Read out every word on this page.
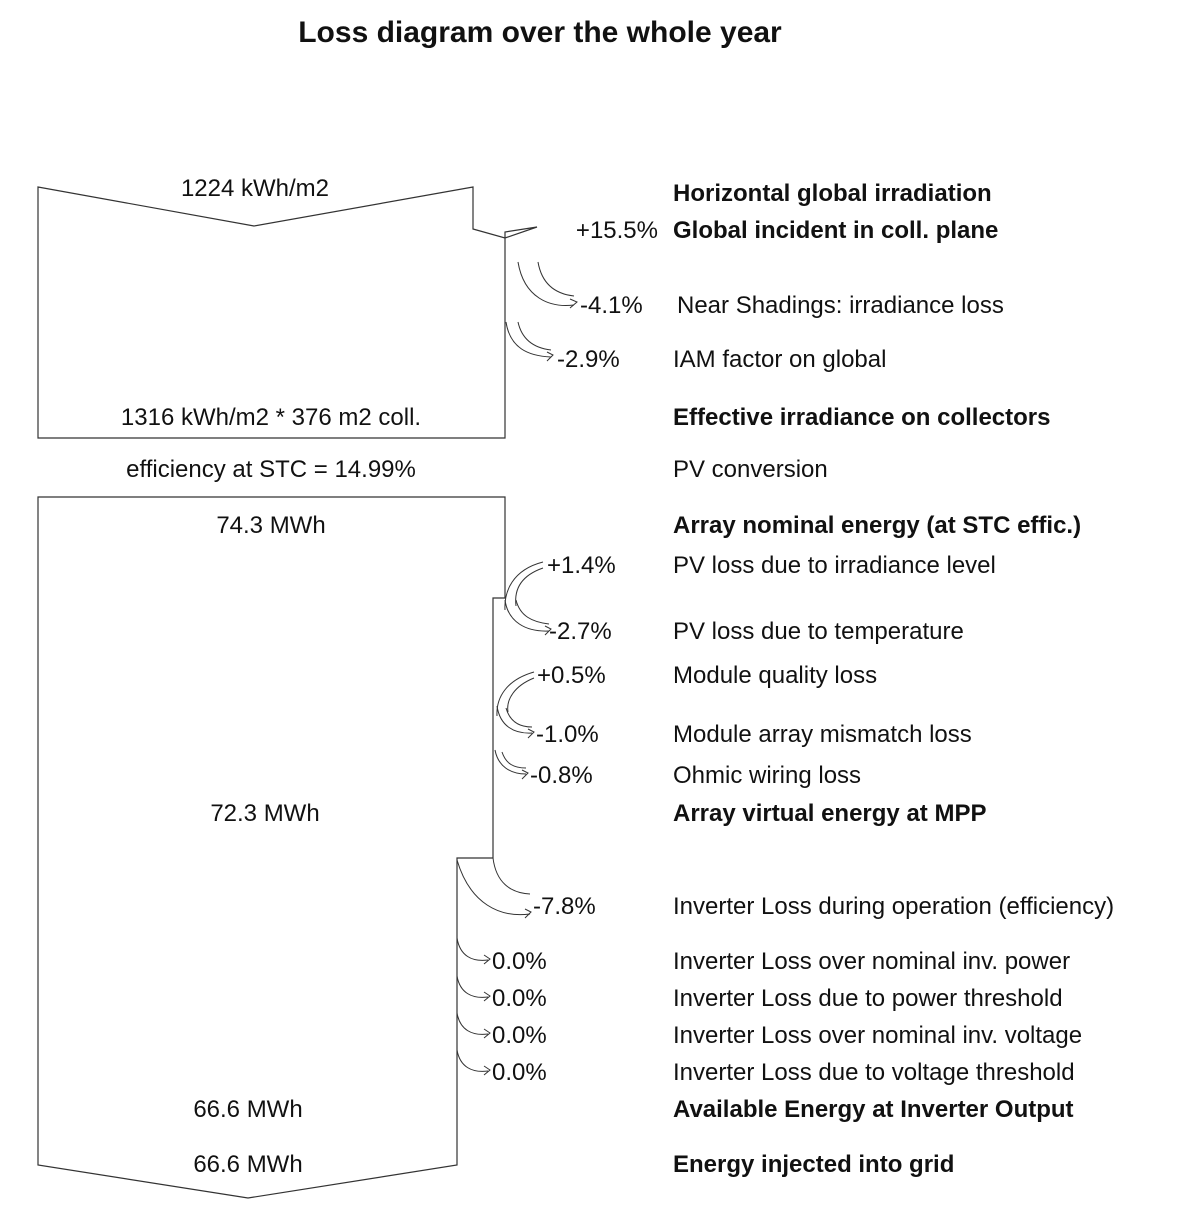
Loss diagram over the whole year
1224 kWh/m2
1316 kWh/m2 * 376 m2 coll.
efficiency at STC = 14.99%
74.3 MWh
72.3 MWh
66.6 MWh
66.6 MWh
+15.5%
-4.1%
-2.9%
+1.4%
-2.7%
+0.5%
-1.0%
-0.8%
-7.8%
0.0%
0.0%
0.0%
0.0%
Horizontal global irradiation
Global incident in coll. plane
Near Shadings: irradiance loss
IAM factor on global
Effective irradiance on collectors
PV conversion
Array nominal energy (at STC effic.)
PV loss due to irradiance level
PV loss due to temperature
Module quality loss
Module array mismatch loss
Ohmic wiring loss
Array virtual energy at MPP
Inverter Loss during operation (efficiency)
Inverter Loss over nominal inv. power
Inverter Loss due to power threshold
Inverter Loss over nominal inv. voltage
Inverter Loss due to voltage threshold
Available Energy at Inverter Output
Energy injected into grid
